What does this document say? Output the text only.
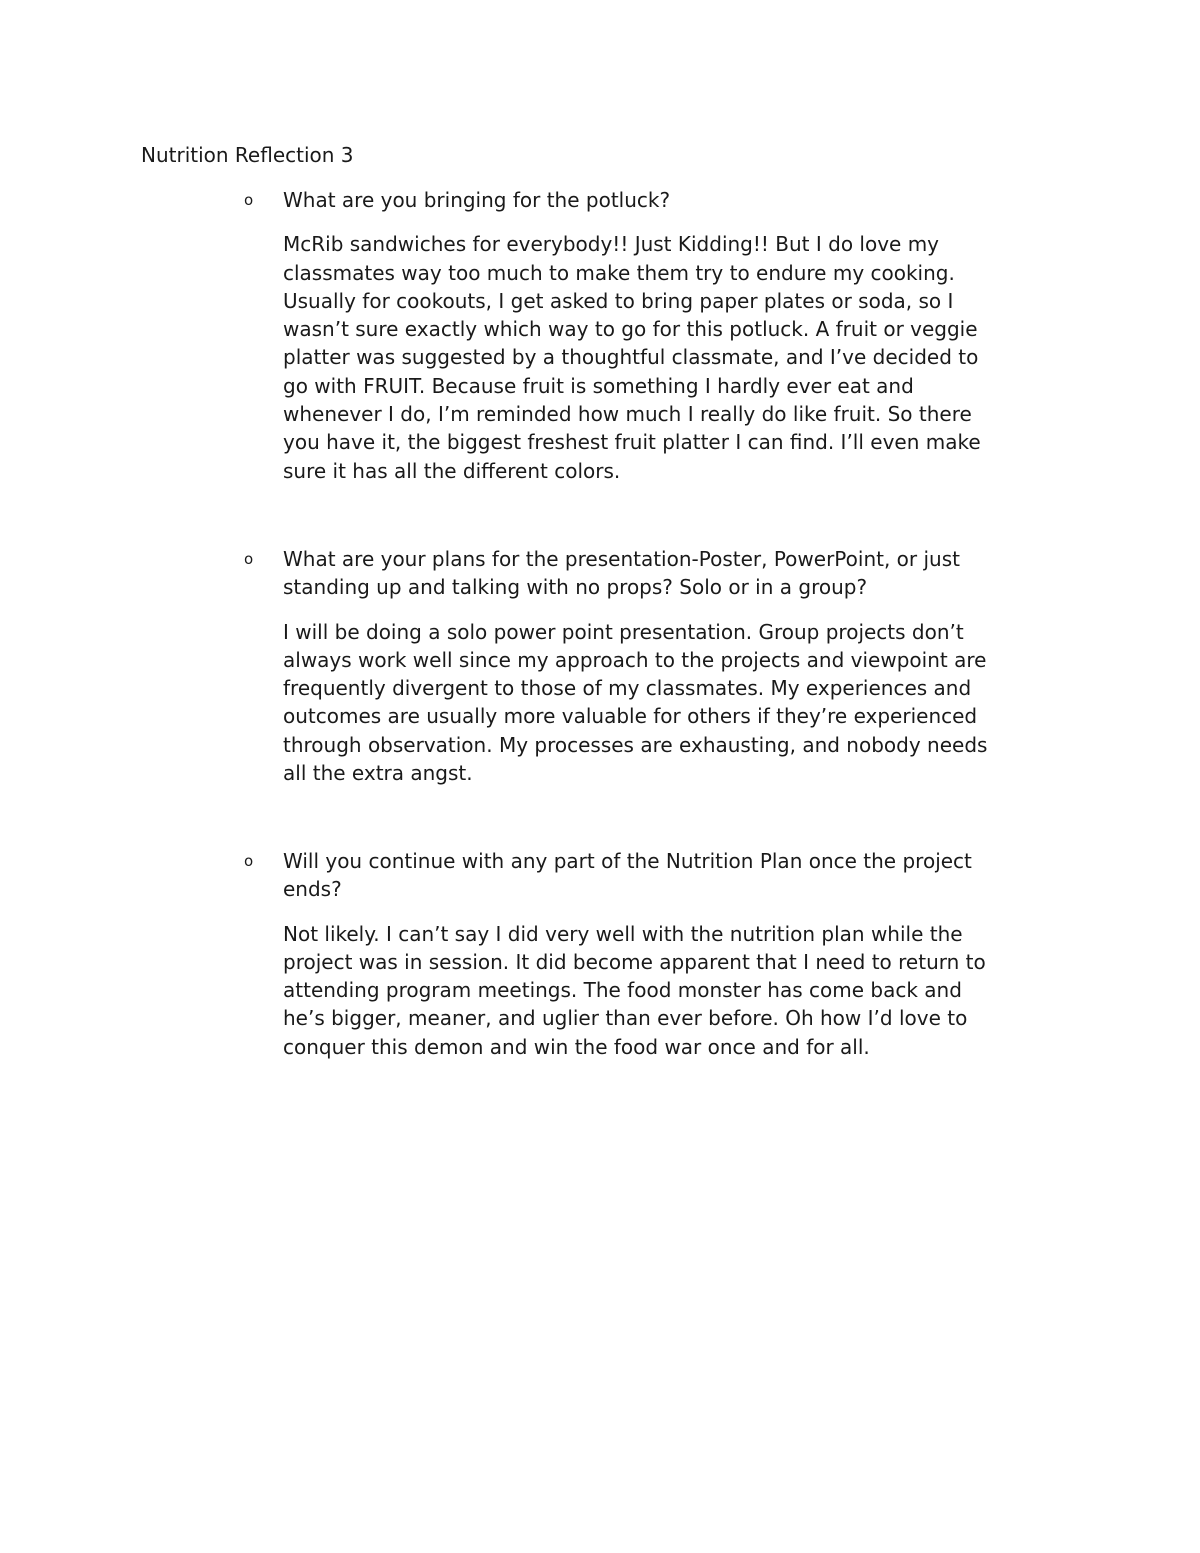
Nutrition Reflection 3
o What are you bringing for the potluck?
McRib sandwiches for everybody!! Just Kidding!! But I do love my
classmates way too much to make them try to endure my cooking.
Usually for cookouts, I get asked to bring paper plates or soda, so I
wasn’t sure exactly which way to go for this potluck. A fruit or veggie
platter was suggested by a thoughtful classmate, and I’ve decided to
go with FRUIT. Because fruit is something I hardly ever eat and
whenever I do, I’m reminded how much I really do like fruit. So there
you have it, the biggest freshest fruit platter I can find. I’ll even make
sure it has all the different colors.
o What are your plans for the presentation-Poster, PowerPoint, or just
standing up and talking with no props? Solo or in a group?
I will be doing a solo power point presentation. Group projects don’t
always work well since my approach to the projects and viewpoint are
frequently divergent to those of my classmates. My experiences and
outcomes are usually more valuable for others if they’re experienced
through observation. My processes are exhausting, and nobody needs
all the extra angst.
o Will you continue with any part of the Nutrition Plan once the project
ends?
Not likely. I can’t say I did very well with the nutrition plan while the
project was in session. It did become apparent that I need to return to
attending program meetings. The food monster has come back and
he’s bigger, meaner, and uglier than ever before. Oh how I’d love to
conquer this demon and win the food war once and for all.
